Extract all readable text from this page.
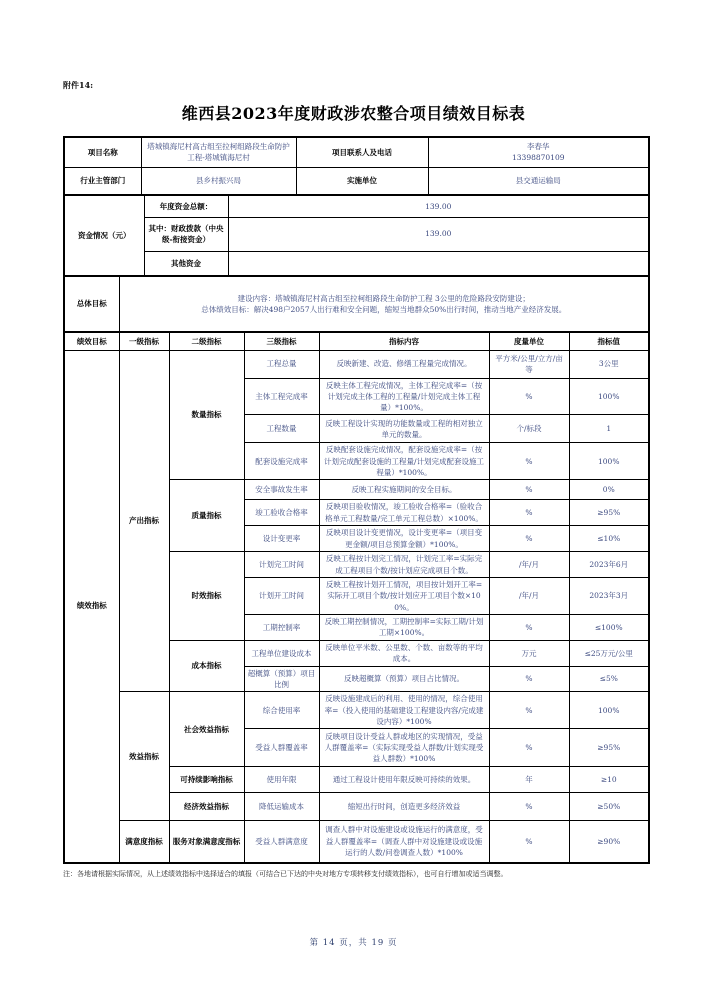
附件14:
维西县2023年度财政涉农整合项目绩效目标表
项目名称	塔城镇海尼村高古组至拉柯组路段生命防护工程-塔城镇海尼村	项目联系人及电话	李春华
13398870109

行业主管部门	县乡村振兴局	实施单位	县交通运输局
资金情况（元）	年度资金总额：	139.00
	其中：财政拨款（中央级-衔接资金）	139.00
	其他资金	
总体目标	
建设内容：塔城镇海尼村高古组至拉柯组路段生命防护工程 3公里的危险路段安防建设；
总体绩效目标：解决498户2057人出行难和安全问题，缩短当地群众50%出行时间，推动当地产业经济发展。
绩效目标	一级指标	二级指标	三级指标	指标内容	度量单位	指标值
绩效指标	产出指标	数量指标	工程总量	反映新建、改造、修缮工程量完成情况。	平方米/公里/立方/亩等	3公里
			主体工程完成率	反映主体工程完成情况，主体工程完成率=（按计划完成主体工程的工程量/计划完成主体工程量）*100%。	%	100%
			工程数量	反映工程设计实现的功能数量或工程的相对独立单元的数量。	个/标段	1
			配套设施完成率	反映配套设施完成情况，配套设施完成率=（按计划完成配套设施的工程量/计划完成配套设施工程量）*100%。	%	100%
		质量指标	安全事故发生率	反映工程实施期间的安全目标。	%	0%
			竣工验收合格率	反映项目验收情况，竣工验收合格率=（验收合格单元工程数量/完工单元工程总数）×100%。	%	≥95%
			设计变更率	反映项目设计变更情况，设计变更率=（项目变更金额/项目总预算金额）*100%。	%	≤10%
		时效指标	计划完工时间	反映工程按计划完工情况，计划完工率=实际完成工程项目个数/按计划应完成项目个数。	/年/月	2023年6月
			计划开工时间	反映工程按计划开工情况，项目按计划开工率=实际开工项目个数/按计划应开工项目个数×100%。	/年/月	2023年3月
			工期控制率	反映工期控制情况，工期控制率=实际工期/计划工期×100%。	%	≤100%
		成本指标	工程单位建设成本	反映单位平米数、公里数、个数、亩数等的平均成本。	万元	≤25万元/公里
			超概算（预算）项目比例	反映超概算（预算）项目占比情况。	%	≤5%
	效益指标	社会效益指标	综合使用率	反映设施建成后的利用、使用的情况，综合使用率=（投入使用的基础建设工程建设内容/完成建设内容）*100%	%	100%
			受益人群覆盖率	反映项目设计受益人群或地区的实现情况，受益人群覆盖率=（实际实现受益人群数/计划实现受益人群数）*100%	%	≥95%
		可持续影响指标	使用年限	通过工程设计使用年限反映可持续的效果。	年	≥10
		经济效益指标	降低运输成本	缩短出行时间，创造更多经济效益	%	≥50%
	满意度指标	服务对象满意度指标	受益人群满意度	调查人群中对设施建设或设施运行的满意度，受益人群覆盖率=（调查人群中对设施建设或设施运行的人数/问卷调查人数）*100%	%	≥90%
注：各地请根据实际情况，从上述绩效指标中选择适合的填报（可结合已下达的中央对地方专项转移支付绩效指标），也可自行增加或适当调整。
第 14 页，共 19 页
